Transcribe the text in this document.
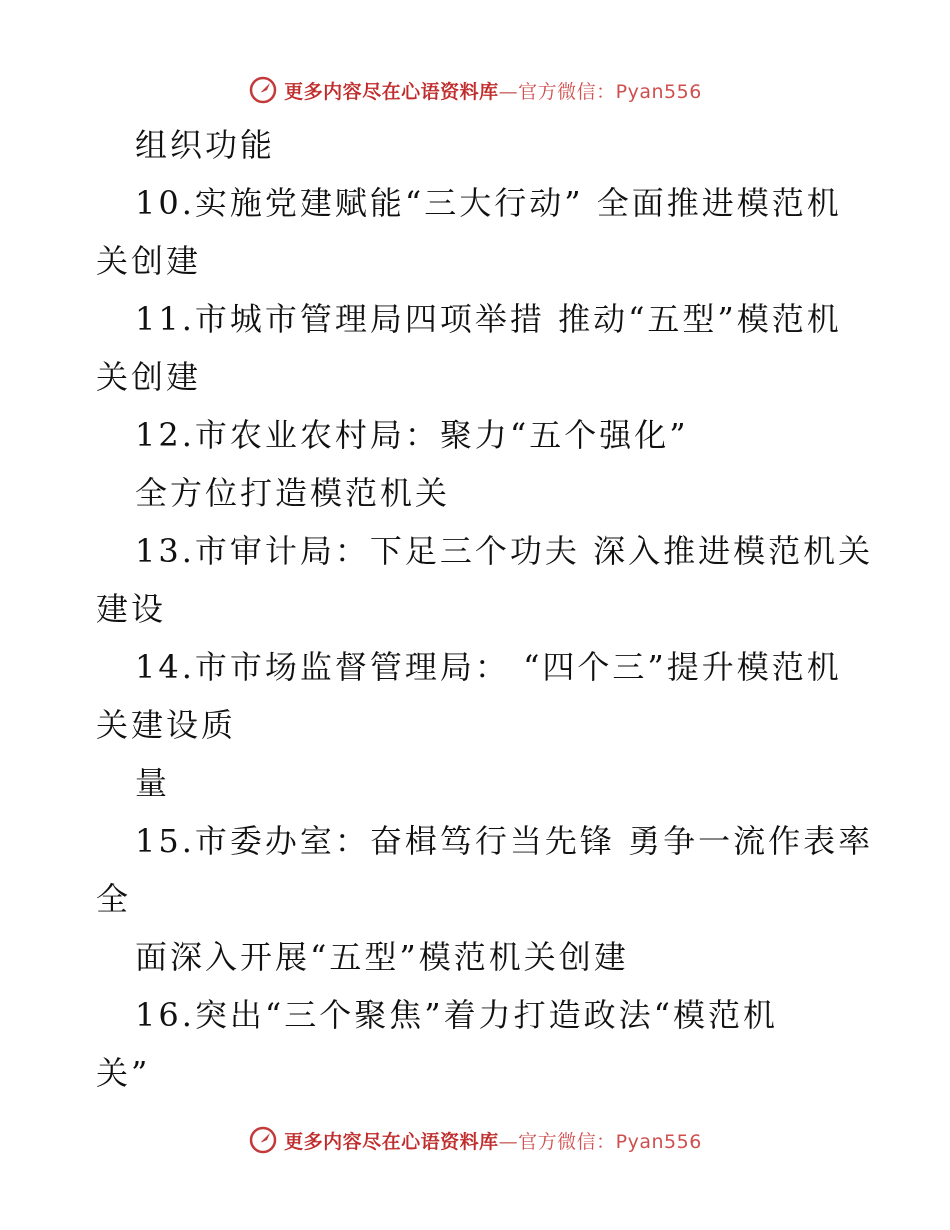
更多内容尽在心语资料库—官方微信：Pyan556
组织功能
10.实施党建赋能“三大行动” 全面推进模范机
关创建
11.市城市管理局四项举措 推动“五型”模范机
关创建
12.市农业农村局：聚力“五个强化”
全方位打造模范机关
13.市审计局：下足三个功夫 深入推进模范机关
建设
14.市市场监督管理局： “四个三”提升模范机
关建设质
量
15.市委办室：奋楫笃行当先锋 勇争一流作表率
全
面深入开展“五型”模范机关创建
16.突出“三个聚焦”着力打造政法“模范机
关”
更多内容尽在心语资料库—官方微信：Pyan556
